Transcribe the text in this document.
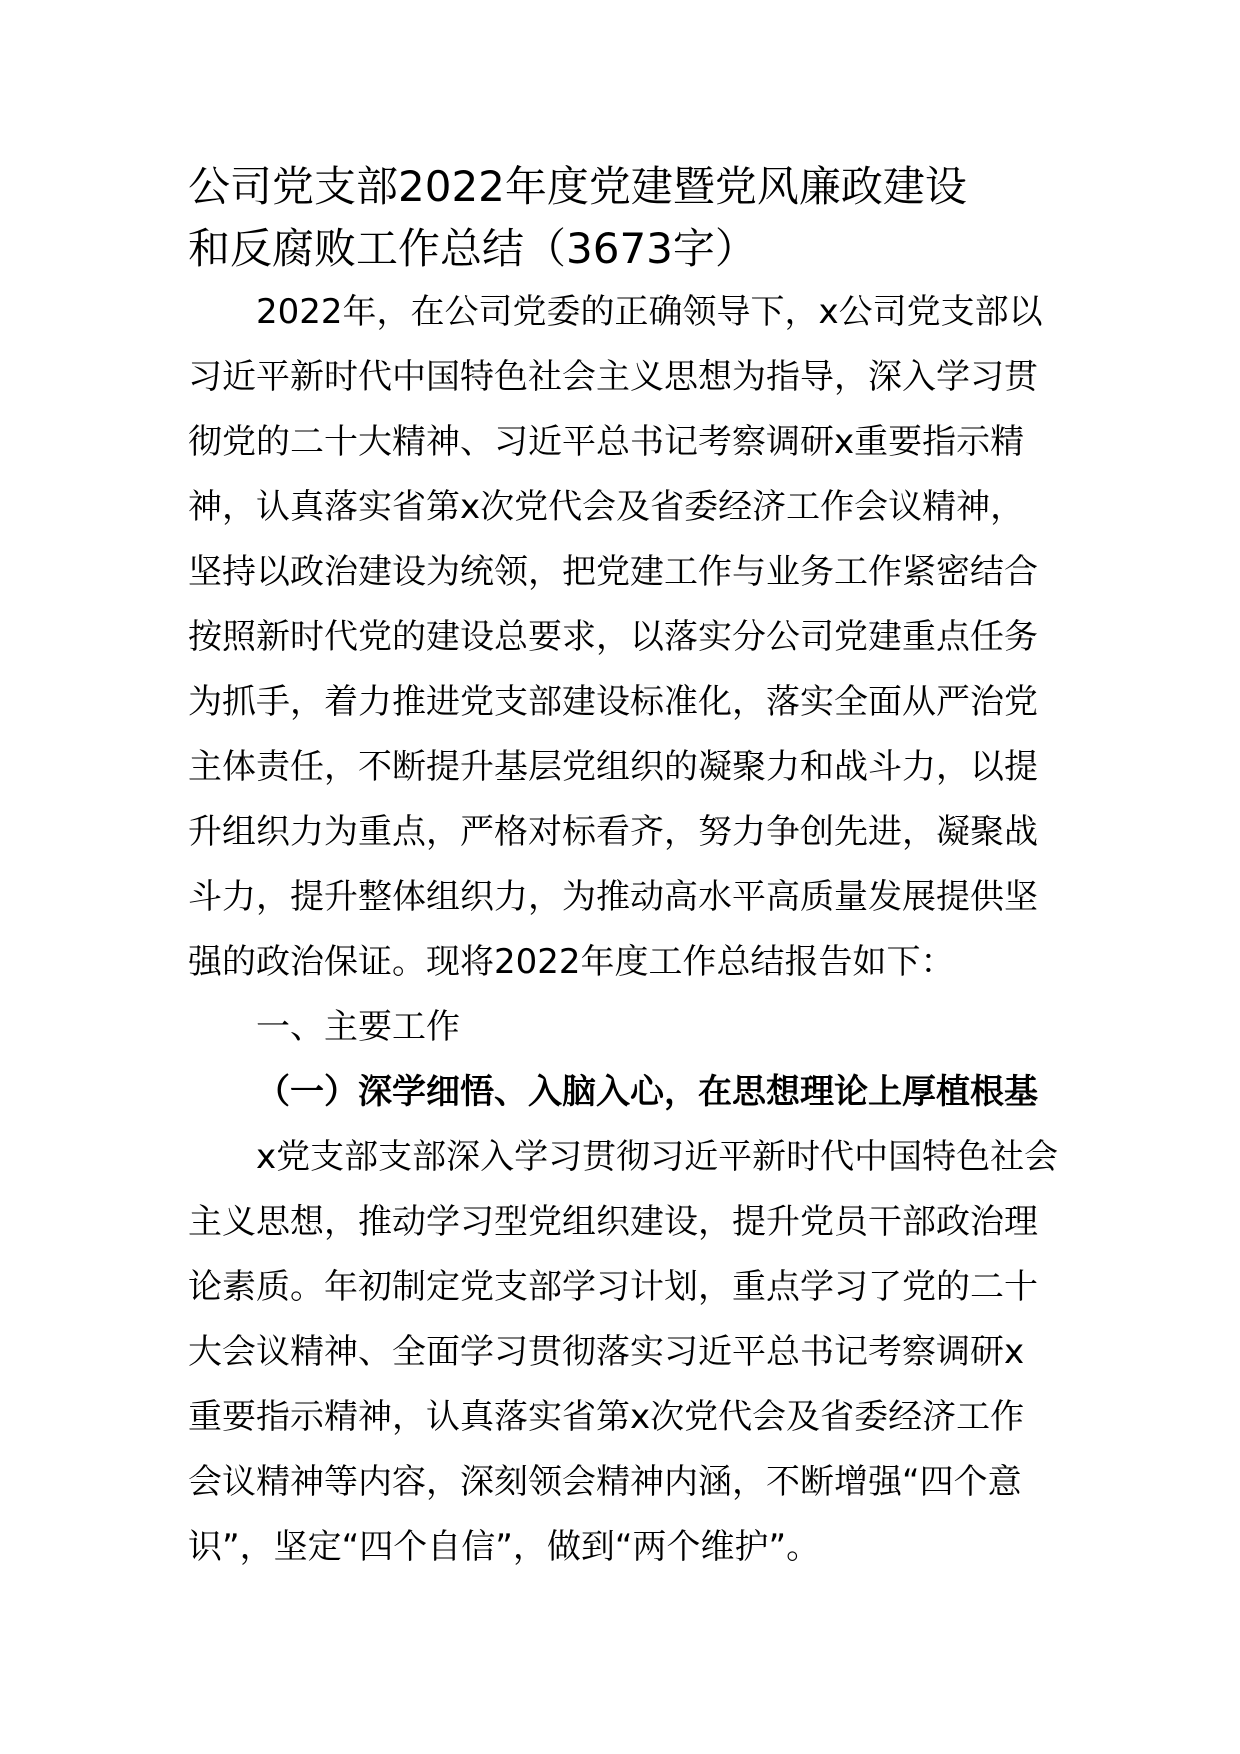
公司党支部2022年度党建暨党风廉政建设
和反腐败工作总结（3673字）
2022年，在公司党委的正确领导下，x公司党支部以
习近平新时代中国特色社会主义思想为指导，深入学习贯
彻党的二十大精神、习近平总书记考察调研x重要指示精
神，认真落实省第x次党代会及省委经济工作会议精神，
坚持以政治建设为统领，把党建工作与业务工作紧密结合
按照新时代党的建设总要求，以落实分公司党建重点任务
为抓手，着力推进党支部建设标准化，落实全面从严治党
主体责任，不断提升基层党组织的凝聚力和战斗力，以提
升组织力为重点，严格对标看齐，努力争创先进，凝聚战
斗力，提升整体组织力，为推动高水平高质量发展提供坚
强的政治保证。现将2022年度工作总结报告如下：
一、主要工作
（一）深学细悟、入脑入心，在思想理论上厚植根基
x党支部支部深入学习贯彻习近平新时代中国特色社会
主义思想，推动学习型党组织建设，提升党员干部政治理
论素质。年初制定党支部学习计划，重点学习了党的二十
大会议精神、全面学习贯彻落实习近平总书记考察调研x
重要指示精神，认真落实省第x次党代会及省委经济工作
会议精神等内容，深刻领会精神内涵，不断增强“四个意
识”，坚定“四个自信”，做到“两个维护”。
